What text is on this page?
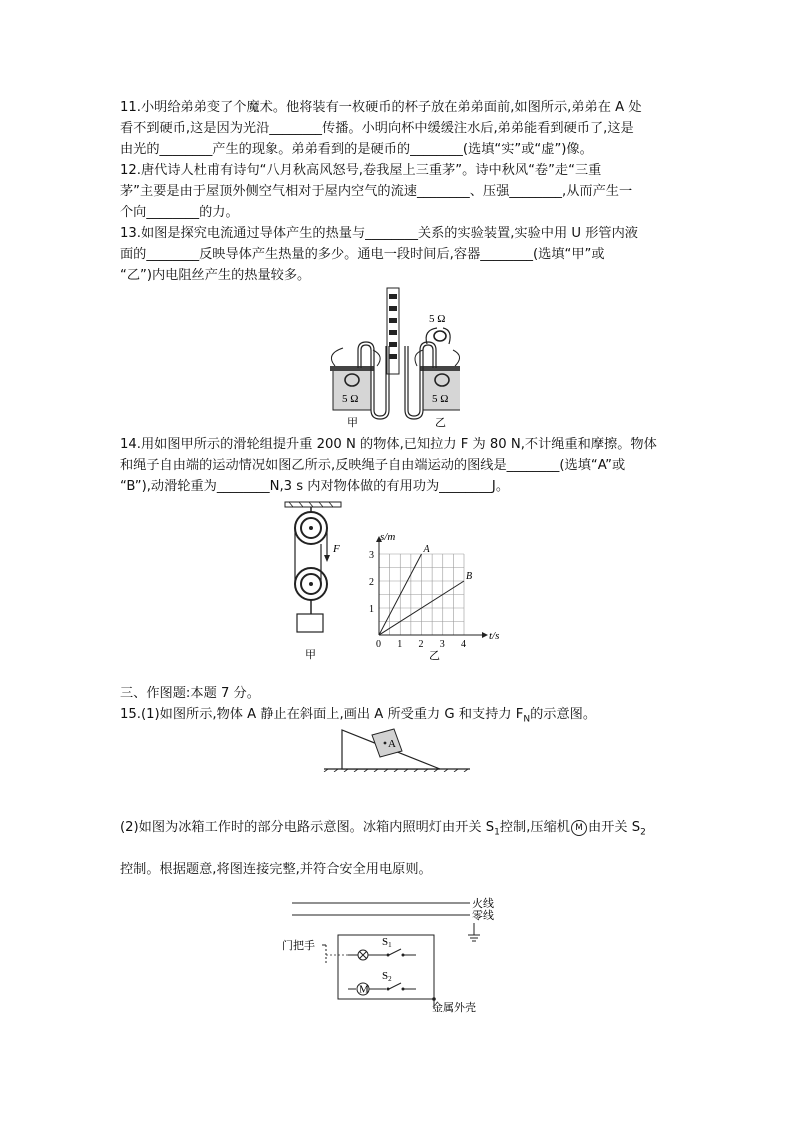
11.小明给弟弟变了个魔术。他将装有一枚硬币的杯子放在弟弟面前,如图所示,弟弟在 A 处
看不到硬币,这是因为光沿________传播。小明向杯中缓缓注水后,弟弟能看到硬币了,这是
由光的________产生的现象。弟弟看到的是硬币的________(选填“实”或“虚”)像。
12.唐代诗人杜甫有诗句“八月秋高风怒号,卷我屋上三重茅”。诗中秋风“卷”走“三重
茅”主要是由于屋顶外侧空气相对于屋内空气的流速________、压强________,从而产生一
个向________的力。
13.如图是探究电流通过导体产生的热量与________关系的实验装置,实验中用 U 形管内液
面的________反映导体产生热量的多少。通电一段时间后,容器________(选填“甲”或
“乙”)内电阻丝产生的热量较多。
5 Ω
5 Ω	5 Ω
甲	乙
14.用如图甲所示的滑轮组提升重 200 N 的物体,已知拉力 F 为 80 N,不计绳重和摩擦。物体
和绳子自由端的运动情况如图乙所示,反映绳子自由端运动的图线是________(选填“A”或
“B”),动滑轮重为________N,3 s 内对物体做的有用功为________J。
F
甲
0 1 2 3 4
1
2
3
A
B
s/m
t/s
乙
三、作图题:本题 7 分。
15.(1)如图所示,物体 A 静止在斜面上,画出 A 所受重力 G 和支持力 $F_N$的示意图。
A
(2)如图为冰箱工作时的部分电路示意图。冰箱内照明灯由开关 $S_1$控制,压缩机 M 由开关 $S_2$
控制。根据题意,将图连接完整,并符合安全用电原则。
火线
零线
门把手	S1
M
S2
金属外壳
